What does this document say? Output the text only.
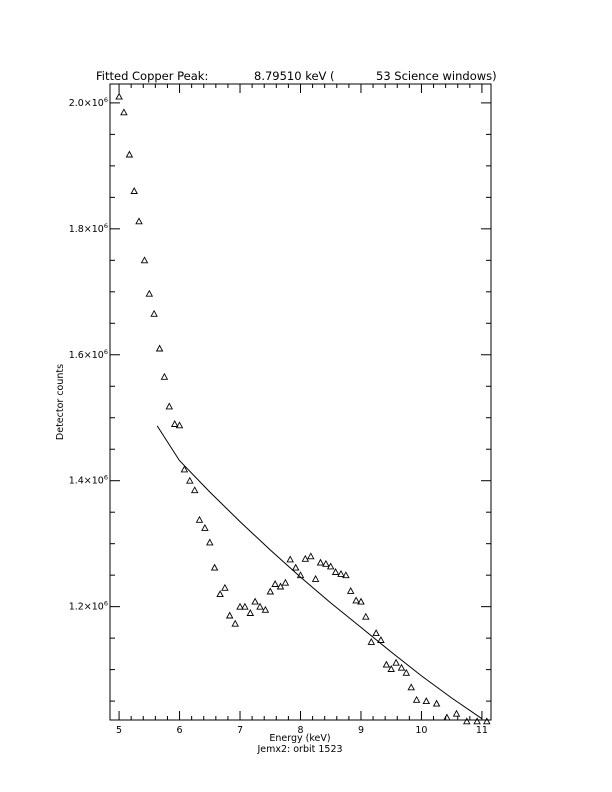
Fitted Copper Peak:	8.79510 keV (	53 Science windows)
5	6	7	8	9	10	11
$1.2\times 10^6$
$1.4\times 10^6$
$1.6\times 10^6$
$1.8\times 10^6$
$2.0\times 10^6$
Energy (keV)
Jemx2: orbit 1523
Detector counts
